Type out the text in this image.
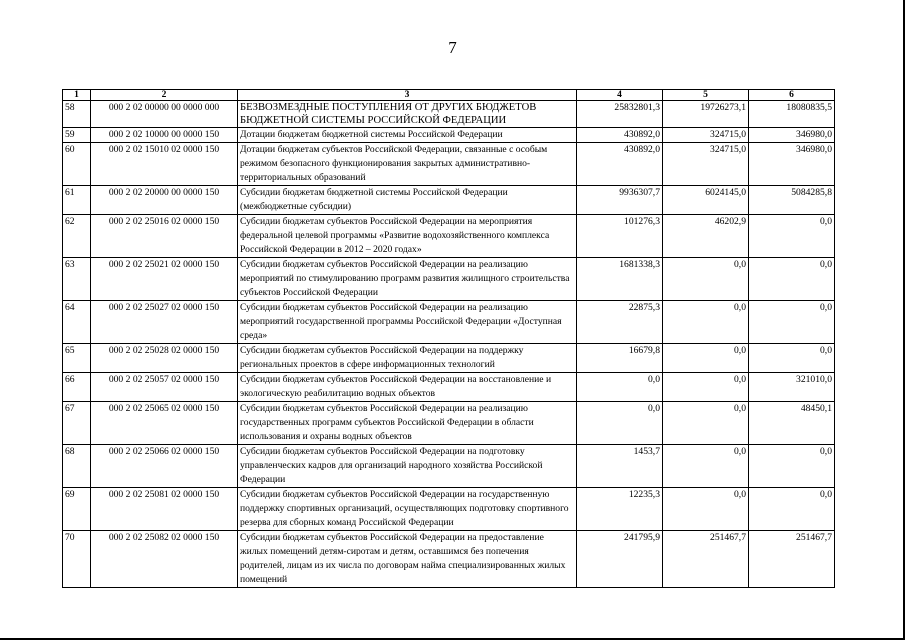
7
1	2	3	4	5	6
58	000 2 02 00000 00 0000 000	БЕЗВОЗМЕЗДНЫЕ ПОСТУПЛЕНИЯ ОТ ДРУГИХ БЮДЖЕТОВ БЮДЖЕТНОЙ СИСТЕМЫ РОССИЙСКОЙ ФЕДЕРАЦИИ	25832801,3	19726273,1	18080835,5
59	000 2 02 10000 00 0000 150	Дотации бюджетам бюджетной системы Российской Федерации	430892,0	324715,0	346980,0
60	000 2 02 15010 02 0000 150	Дотации бюджетам субъектов Российской Федерации, связанные с особым режимом безопасного функционирования закрытых административно-территориальных образований	430892,0	324715,0	346980,0
61	000 2 02 20000 00 0000 150	Субсидии бюджетам бюджетной системы Российской Федерации (межбюджетные субсидии)	9936307,7	6024145,0	5084285,8
62	000 2 02 25016 02 0000 150	Субсидии бюджетам субъектов Российской Федерации на мероприятия федеральной целевой программы «Развитие водохозяйственного комплекса Российской Федерации в 2012 – 2020 годах»	101276,3	46202,9	0,0
63	000 2 02 25021 02 0000 150	Субсидии бюджетам субъектов Российской Федерации на реализацию мероприятий по стимулированию программ развития жилищного строительства субъектов Российской Федерации	1681338,3	0,0	0,0
64	000 2 02 25027 02 0000 150	Субсидии бюджетам субъектов Российской Федерации на реализацию мероприятий государственной программы Российской Федерации «Доступная среда»	22875,3	0,0	0,0
65	000 2 02 25028 02 0000 150	Субсидии бюджетам субъектов Российской Федерации на поддержку региональных проектов в сфере информационных технологий	16679,8	0,0	0,0
66	000 2 02 25057 02 0000 150	Субсидии бюджетам субъектов Российской Федерации на восстановление и экологическую реабилитацию водных объектов	0,0	0,0	321010,0
67	000 2 02 25065 02 0000 150	Субсидии бюджетам субъектов Российской Федерации на реализацию государственных программ субъектов Российской Федерации в области использования и охраны водных объектов	0,0	0,0	48450,1
68	000 2 02 25066 02 0000 150	Субсидии бюджетам субъектов Российской Федерации на подготовку управленческих кадров для организаций народного хозяйства Российской Федерации	1453,7	0,0	0,0
69	000 2 02 25081 02 0000 150	Субсидии бюджетам субъектов Российской Федерации на государственную поддержку спортивных организаций, осуществляющих подготовку спортивного резерва для сборных команд Российской Федерации	12235,3	0,0	0,0
70	000 2 02 25082 02 0000 150	Субсидии бюджетам субъектов Российской Федерации на предоставление жилых помещений детям-сиротам и детям, оставшимся без попечения родителей, лицам из их числа по договорам найма специализированных жилых помещений	241795,9	251467,7	251467,7
